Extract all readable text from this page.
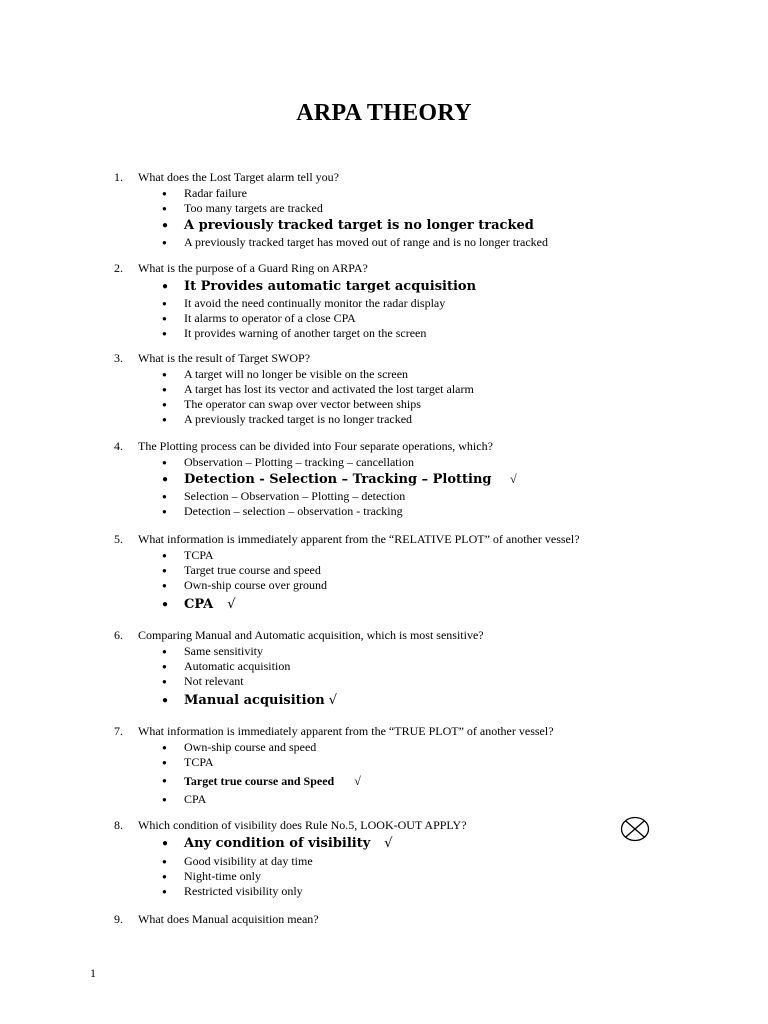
ARPA THEORY
1. What does the Lost Target alarm tell you?
● Radar failure
● Too many targets are tracked
● A previously tracked target is no longer tracked
● A previously tracked target has moved out of range and is no longer tracked
2. What is the purpose of a Guard Ring on ARPA?
● It Provides automatic target acquisition
● It avoid the need continually monitor the radar display
● It alarms to operator of a close CPA
● It provides warning of another target on the screen
3. What is the result of Target SWOP?
● A target will no longer be visible on the screen
● A target has lost its vector and activated the lost target alarm
● The operator can swap over vector between ships
● A previously tracked target is no longer tracked
4. The Plotting process can be divided into Four separate operations, which?
● Observation – Plotting – tracking – cancellation
● Detection - Selection – Tracking – Plotting √
● Selection – Observation – Plotting – detection
● Detection – selection – observation - tracking
5. What information is immediately apparent from the “RELATIVE PLOT” of another vessel?
● TCPA
● Target true course and speed
● Own-ship course over ground
● CPA √
6. Comparing Manual and Automatic acquisition, which is most sensitive?
● Same sensitivity
● Automatic acquisition
● Not relevant
● Manual acquisition √
7. What information is immediately apparent from the “TRUE PLOT” of another vessel?
● Own-ship course and speed
● TCPA
● Target true course and Speed √
● CPA
8. Which condition of visibility does Rule No.5, LOOK-OUT APPLY?
● Any condition of visibility √
● Good visibility at day time
● Night-time only
● Restricted visibility only
9. What does Manual acquisition mean?
1
